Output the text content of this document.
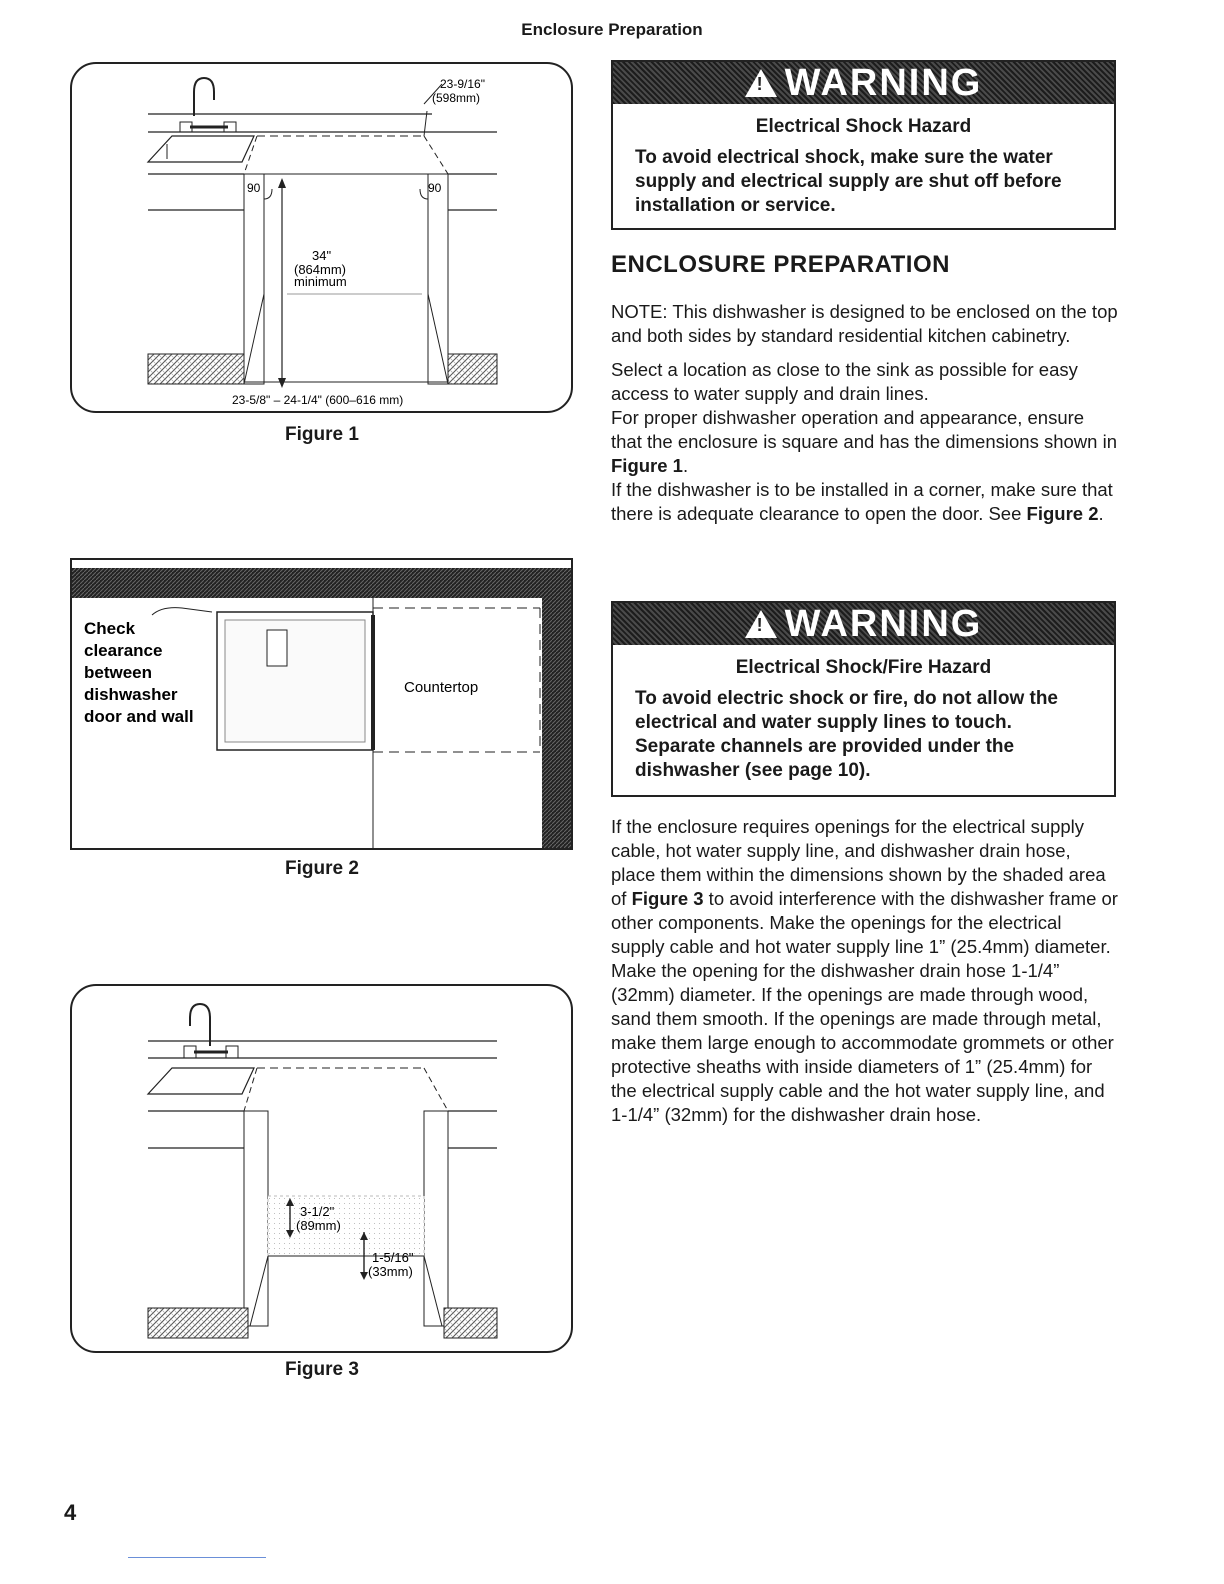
Enclosure Preparation
23-9/16"
(598mm)
90	90
34"
(864mm)
minimum
23-5/8" – 24-1/4" (600–616 mm)
Figure 1
Check
clearance
between
dishwasher
door and wall
Countertop
Figure 2
3-1/2"
(89mm)
1-5/16"
(33mm)
Figure 3
! WARNING
Electrical Shock Hazard
To avoid electrical shock, make sure the water supply and electrical supply are shut off before installation or service.
ENCLOSURE PREPARATION

NOTE: This dishwasher is designed to be enclosed on the top and both sides by standard residential kitchen cabinetry.

Select a location as close to the sink as possible for easy access to water supply and drain lines.

For proper dishwasher operation and appearance, ensure that the enclosure is square and has the dimensions shown in Figure 1.

If the dishwasher is to be installed in a corner, make sure that there is adequate clearance to open the door. See Figure 2.

! WARNING
Electrical Shock/Fire Hazard
To avoid electric shock or fire, do not allow the electrical and water supply lines to touch. Separate channels are provided under the dishwasher (see page 10).

If the enclosure requires openings for the electrical supply cable, hot water supply line, and dishwasher drain hose, place them within the dimensions shown by the shaded area of Figure 3 to avoid interference with the dishwasher frame or other components. Make the openings for the electrical supply cable and hot water supply line 1” (25.4mm) diameter. Make the opening for the dishwasher drain hose 1-1/4” (32mm) diameter. If the openings are made through wood, sand them smooth. If the openings are made through metal, make them large enough to accommodate grommets or other protective sheaths with inside diameters of 1” (25.4mm) for the electrical supply cable and the hot water supply line, and 1-1/4” (32mm) for the dishwasher drain hose.

4
